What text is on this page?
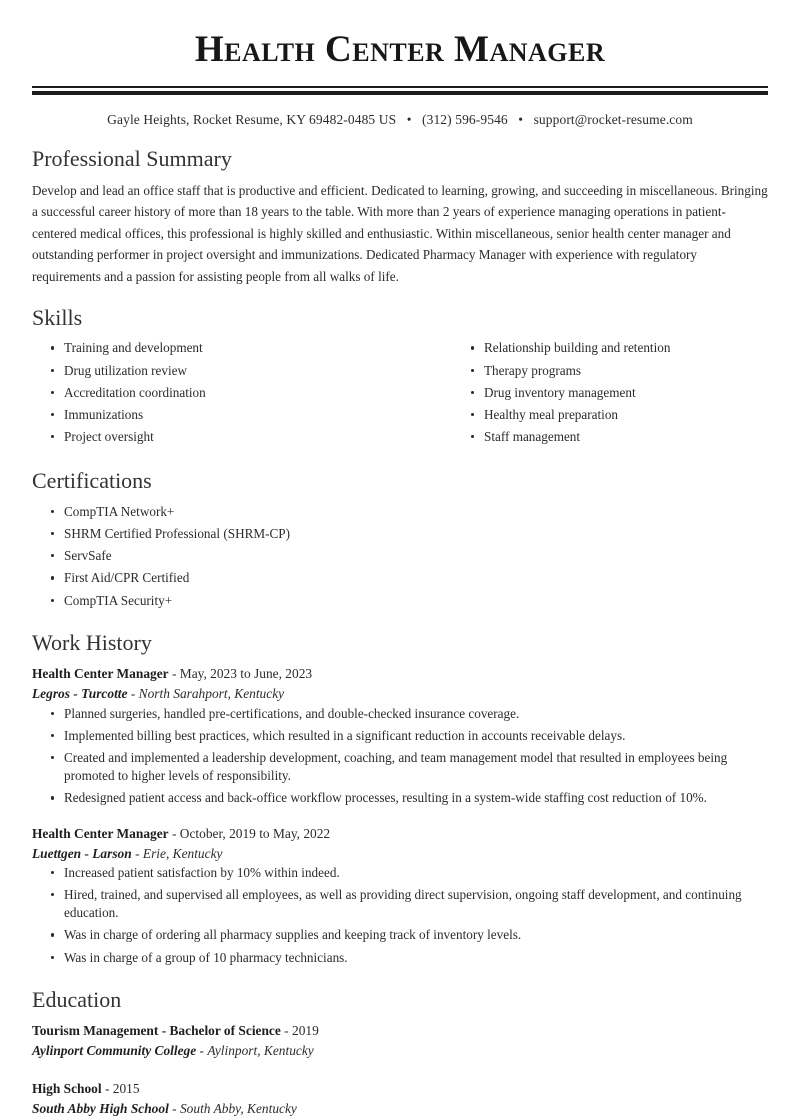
Health Center Manager
Gayle Heights, Rocket Resume, KY 69482-0485 US • (312) 596-9546 • support@rocket-resume.com
Professional Summary

Develop and lead an office staff that is productive and efficient. Dedicated to learning, growing, and succeeding in miscellaneous. Bringing a successful career history of more than 18 years to the table. With more than 2 years of experience managing operations in patient-centered medical offices, this professional is highly skilled and enthusiastic. Within miscellaneous, senior health center manager and outstanding performer in project oversight and immunizations. Dedicated Pharmacy Manager with experience with regulatory requirements and a passion for assisting people from all walks of life.

Skills
Training and development
Drug utilization review
Accreditation coordination
Immunizations
Project oversight
Relationship building and retention
Therapy programs
Drug inventory management
Healthy meal preparation
Staff management
Certifications
CompTIA Network+
SHRM Certified Professional (SHRM-CP)
ServSafe
First Aid/CPR Certified
CompTIA Security+
Work History
Health Center Manager - May, 2023 to June, 2023
Legros - Turcotte - North Sarahport, Kentucky
Planned surgeries, handled pre-certifications, and double-checked insurance coverage.
Implemented billing best practices, which resulted in a significant reduction in accounts receivable delays.
Created and implemented a leadership development, coaching, and team management model that resulted in employees being promoted to higher levels of responsibility.
Redesigned patient access and back-office workflow processes, resulting in a system-wide staffing cost reduction of 10%.
Health Center Manager - October, 2019 to May, 2022
Luettgen - Larson - Erie, Kentucky
Increased patient satisfaction by 10% within indeed.
Hired, trained, and supervised all employees, as well as providing direct supervision, ongoing staff development, and continuing education.
Was in charge of ordering all pharmacy supplies and keeping track of inventory levels.
Was in charge of a group of 10 pharmacy technicians.
Education
Tourism Management - Bachelor of Science - 2019
Aylinport Community College - Aylinport, Kentucky
High School - 2015
South Abby High School - South Abby, Kentucky
